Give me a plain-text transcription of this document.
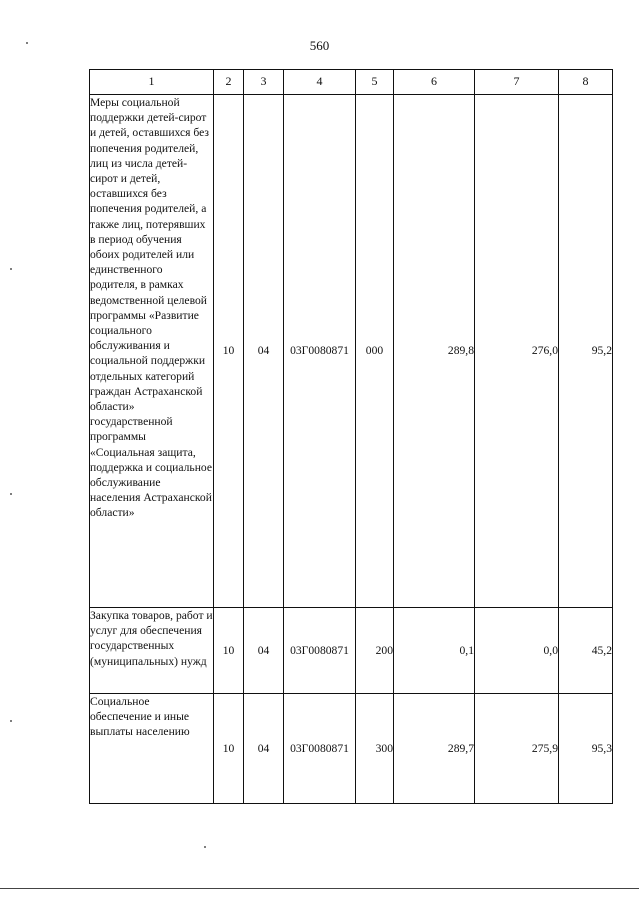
560
1	2	3	4	5	6	7	8
Меры социальной поддержки детей-сирот и детей, оставшихся без попечения родителей, лиц из числа детей-сирот и детей, оставшихся без попечения родителей, а также лиц, потерявших в период обучения обоих родителей или единственного родителя, в рамках ведомственной целевой программы «Развитие социального обслуживания и социальной поддержки отдельных категорий граждан Астраханской области» государственной программы «Социальная защита, поддержка и социальное обслуживание населения Астраханской области»	10	04	03Г0080871	000	289,8	276,0	95,2
Закупка товаров, работ и услуг для обеспечения государственных (муниципальных) нужд	10	04	03Г0080871	200	0,1	0,0	45,2
Социальное обеспечение и иные выплаты населению	10	04	03Г0080871	300	289,7	275,9	95,3
